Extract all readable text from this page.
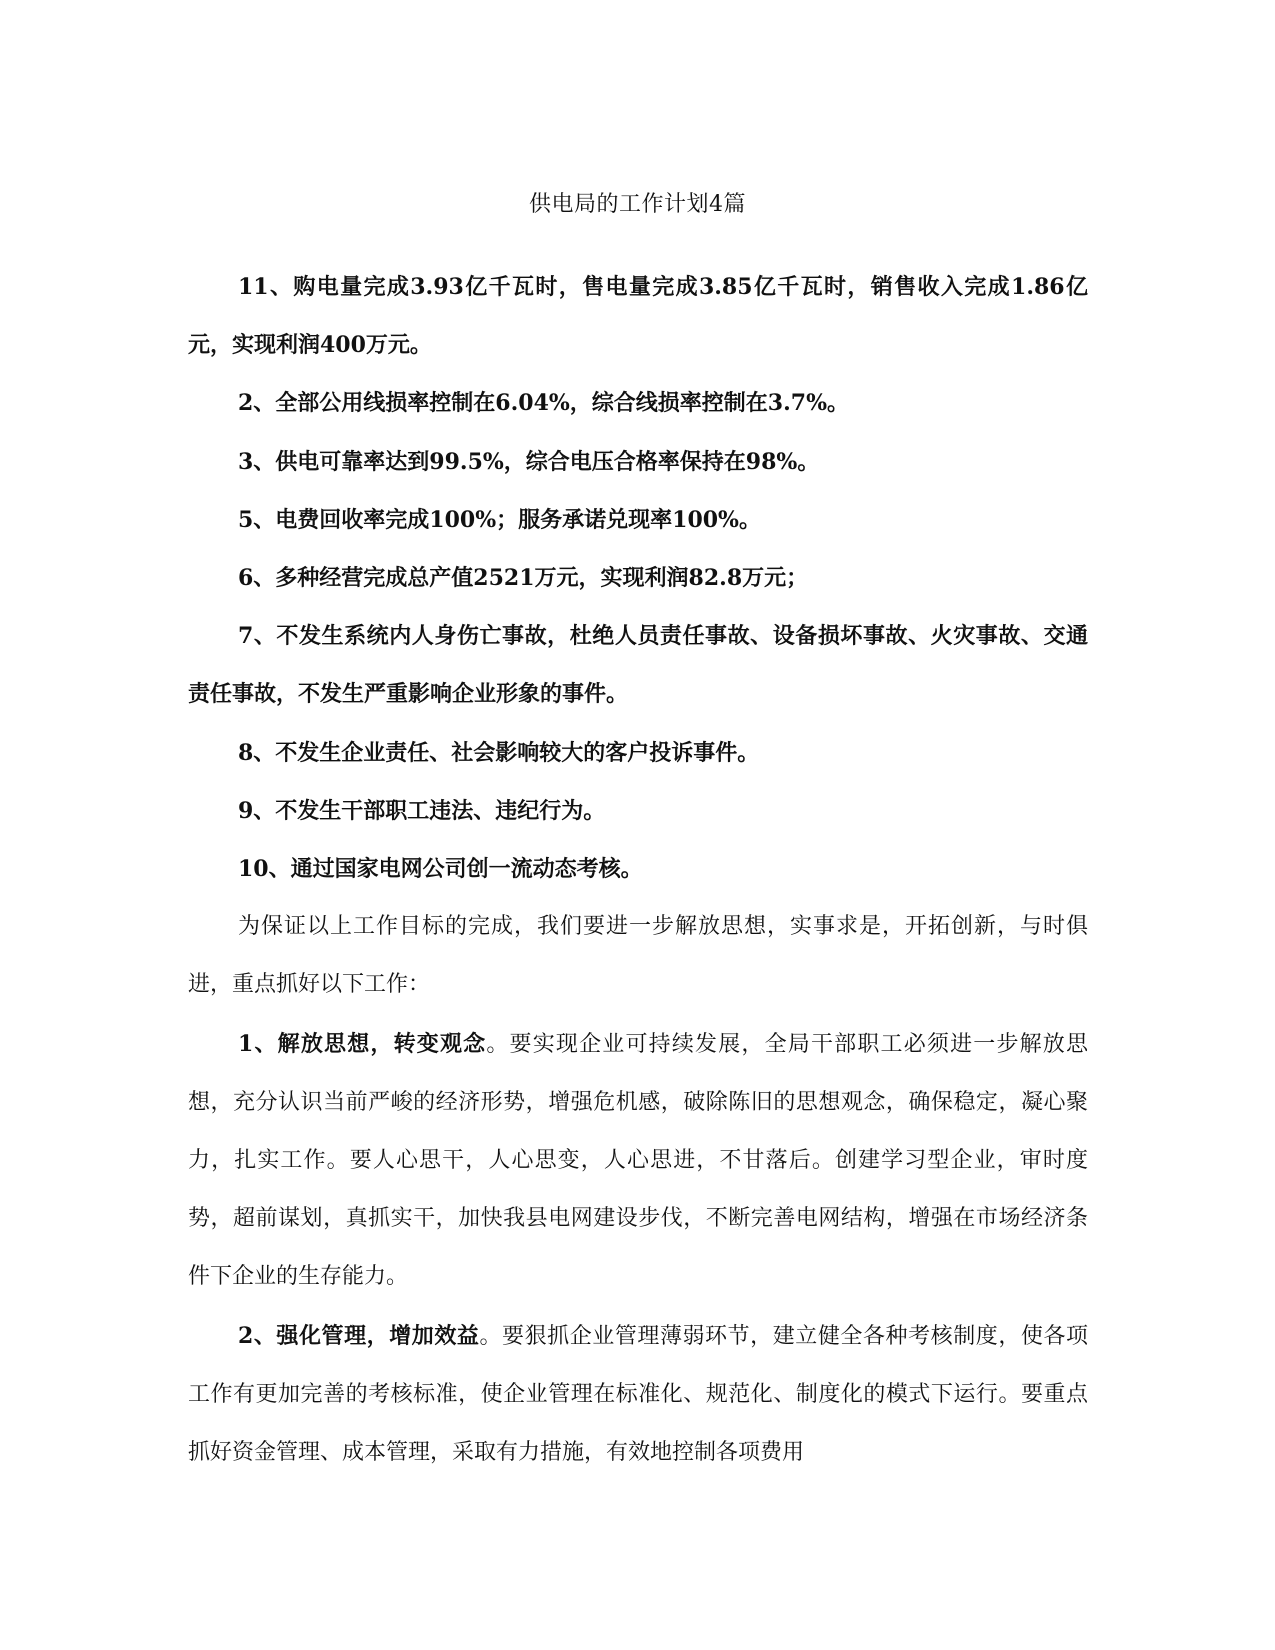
供电局的工作计划4篇

11、购电量完成3.93亿千瓦时，售电量完成3.85亿千瓦时，销售收入完成1.86亿元，实现利润400万元。

2、全部公用线损率控制在6.04%，综合线损率控制在3.7%。

3、供电可靠率达到99.5%，综合电压合格率保持在98%。

5、电费回收率完成100%；服务承诺兑现率100%。

6、多种经营完成总产值2521万元，实现利润82.8万元；

7、不发生系统内人身伤亡事故，杜绝人员责任事故、设备损坏事故、火灾事故、交通责任事故，不发生严重影响企业形象的事件。

8、不发生企业责任、社会影响较大的客户投诉事件。

9、不发生干部职工违法、违纪行为。

10、通过国家电网公司创一流动态考核。

为保证以上工作目标的完成，我们要进一步解放思想，实事求是，开拓创新，与时俱进，重点抓好以下工作：

1、解放思想，转变观念。要实现企业可持续发展，全局干部职工必须进一步解放思想，充分认识当前严峻的经济形势，增强危机感，破除陈旧的思想观念，确保稳定，凝心聚力，扎实工作。要人心思干，人心思变，人心思进，不甘落后。创建学习型企业，审时度势，超前谋划，真抓实干，加快我县电网建设步伐，不断完善电网结构，增强在市场经济条件下企业的生存能力。

2、强化管理，增加效益。要狠抓企业管理薄弱环节，建立健全各种考核制度，使各项工作有更加完善的考核标准，使企业管理在标准化、规范化、制度化的模式下运行。要重点抓好资金管理、成本管理，采取有力措施，有效地控制各项费用
